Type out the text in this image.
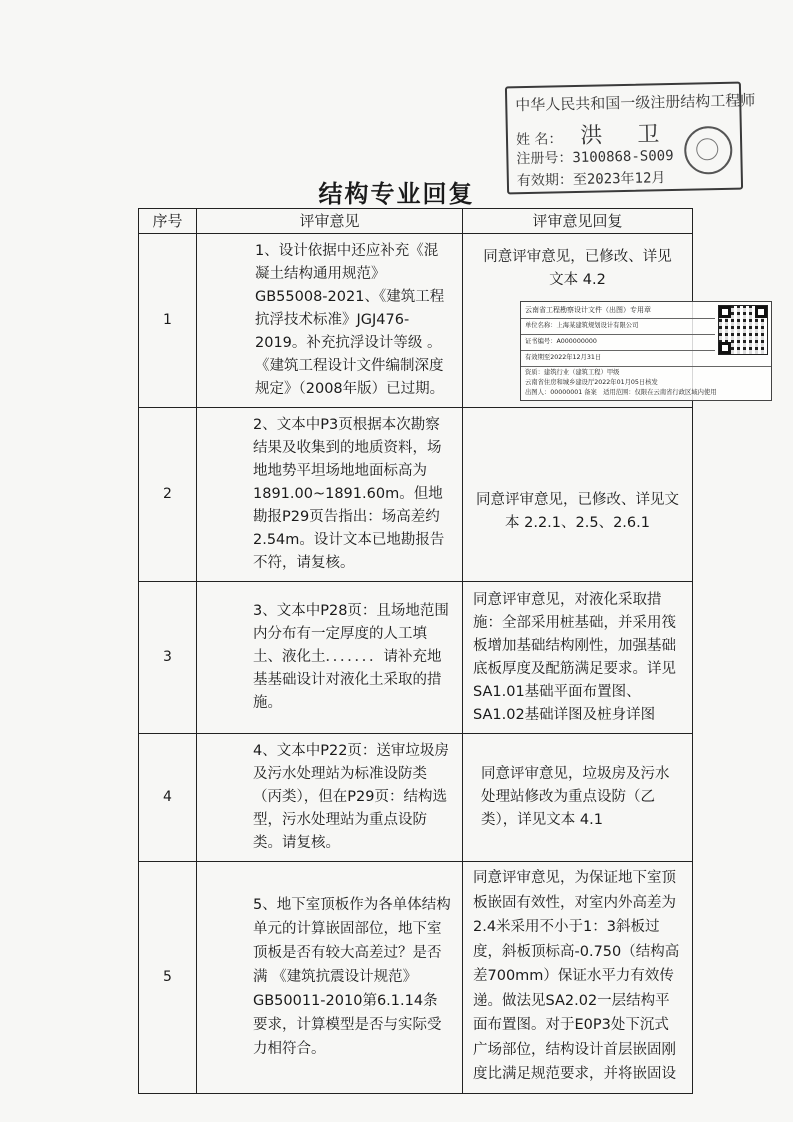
中华人民共和国一级注册结构工程师
姓 名： 洪 卫
注册号：3100868-S009
有效期：至2023年12月
结构专业回复
序号	评审意见	评审意见回复
1	1、设计依据中还应补充《混凝土结构通用规范》GB55008-2021、《建筑工程抗浮技术标准》JGJ476-2019。补充抗浮设计等级 。《建筑工程设计文件编制深度规定》（2008年版）已过期。	同意评审意见，已修改、详见文本 4.2

2	2、文本中P3页根据本次勘察结果及收集到的地质资料，场地地势平坦场地地面标高为1891.00~1891.60m。但地勘报P29页告指出：场高差约2.54m。设计文本已地勘报告不符，请复核。	同意评审意见，已修改、详见文本 2.2.1、2.5、2.6.1

3	3、文本中P28页：且场地范围内分布有一定厚度的人工填土、液化土．．．．．．．请补充地基基础设计对液化土采取的措施。	同意评审意见，对液化采取措施：全部采用桩基础，并采用筏板增加基础结构刚性，加强基础底板厚度及配筋满足要求。详见SA1.01基础平面布置图、SA1.02基础详图及桩身详图
4	4、文本中P22页：送审垃圾房及污水处理站为标准设防类（丙类），但在P29页：结构选型，污水处理站为重点设防类。请复核。	同意评审意见，垃圾房及污水处理站修改为重点设防（乙类），详见文本 4.1

5	5、地下室顶板作为各单体结构单元的计算嵌固部位，地下室顶板是否有较大高差过？是否满 《建筑抗震设计规范》GB50011-2010第6.1.14条要求，计算模型是否与实际受力相符合。	同意评审意见，为保证地下室顶板嵌固有效性，对室内外高差为2.4米采用不小于1：3斜板过度，斜板顶标高-0.750（结构高差700mm）保证水平力有效传递。做法见SA2.02一层结构平面布置图。对于E0P3处下沉式广场部位，结构设计首层嵌固刚度比满足规范要求，并将嵌固设
云南省工程勘察设计文件（出图）专用章
单位名称：上海某建筑规划设计有限公司
证书编号：A000000000
有效期至2022年12月31日
资质：建筑行业（建筑工程）甲级
云南省住房和城乡建设厅2022年01月05日核发
出图人：00000001 备案　 适用范围：仅限在云南省行政区域内使用
